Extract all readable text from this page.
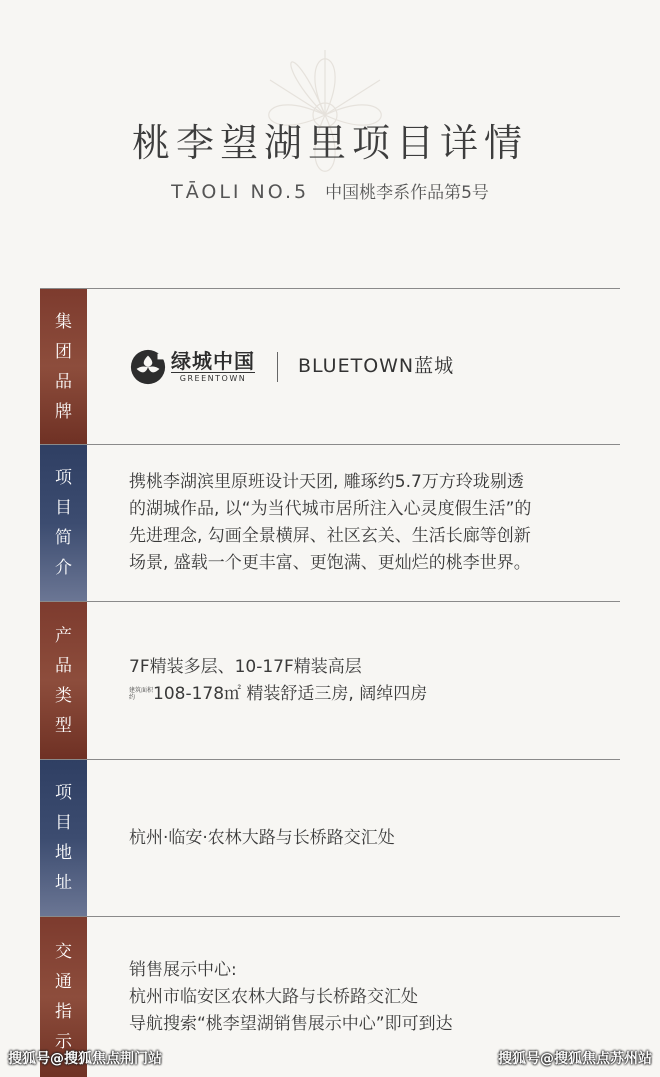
桃李望湖里项目详情
TĀOLI NO.5 中国桃李系作品第5号
集
团
品
牌
绿城中国
GREENTOWN
BLUETOWN蓝城
项
目
简
介
携桃李湖滨里原班设计天团, 雕琢约5.7万方玲珑剔透
的湖城作品, 以“为当代城市居所注入心灵度假生活”的
先进理念, 勾画全景横屏、社区玄关、生活长廊等创新
场景, 盛载一个更丰富、更饱满、更灿烂的桃李世界。
产
品
类
型
7F精装多层、10-17F精装高层
建筑面积约 108-178㎡ 精装舒适三房, 阔绰四房
项
目
地
址
杭州·临安·农林大路与长桥路交汇处
交
通
指
示
销售展示中心:
杭州市临安区农林大路与长桥路交汇处
导航搜索“桃李望湖销售展示中心”即可到达
搜狐号@搜狐焦点荆门站	搜狐号@搜狐焦点苏州站
